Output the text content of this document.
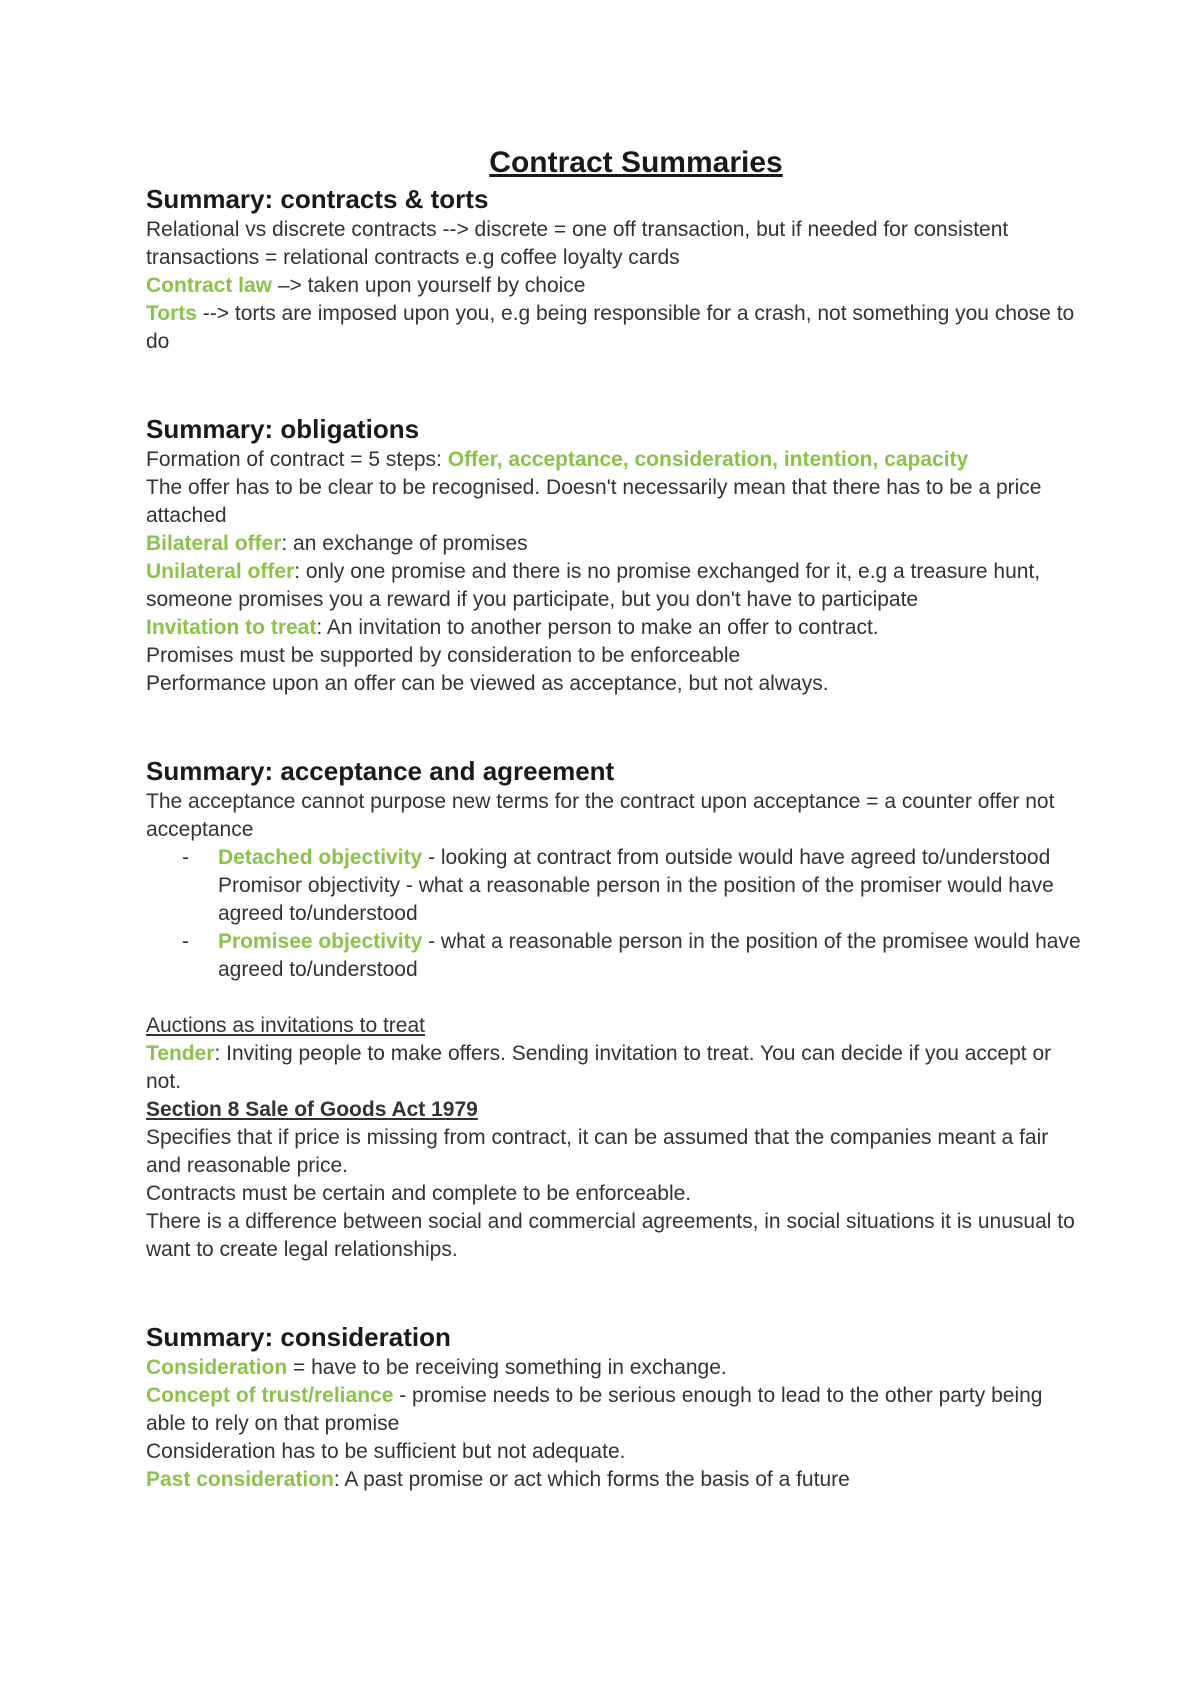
Contract Summaries
Summary: contracts & torts

Relational vs discrete contracts --> discrete = one off transaction, but if needed for consistent transactions = relational contracts e.g coffee loyalty cards

Contract law –> taken upon yourself by choice

Torts --> torts are imposed upon you, e.g being responsible for a crash, not something you chose to do

Summary: obligations

Formation of contract = 5 steps: Offer, acceptance, consideration, intention, capacity

The offer has to be clear to be recognised. Doesn't necessarily mean that there has to be a price attached

Bilateral offer: an exchange of promises

Unilateral offer: only one promise and there is no promise exchanged for it, e.g a treasure hunt, someone promises you a reward if you participate, but you don't have to participate

Invitation to treat: An invitation to another person to make an offer to contract.

Promises must be supported by consideration to be enforceable

Performance upon an offer can be viewed as acceptance, but not always.

Summary: acceptance and agreement

The acceptance cannot purpose new terms for the contract upon acceptance = a counter offer not acceptance

- Detached objectivity - looking at contract from outside would have agreed to/understood Promisor objectivity - what a reasonable person in the position of the promiser would have agreed to/understood
- Promisee objectivity - what a reasonable person in the position of the promisee would have agreed to/understood

Auctions as invitations to treat

Tender: Inviting people to make offers. Sending invitation to treat. You can decide if you accept or not.

Section 8 Sale of Goods Act 1979

Specifies that if price is missing from contract, it can be assumed that the companies meant a fair and reasonable price.

Contracts must be certain and complete to be enforceable.

There is a difference between social and commercial agreements, in social situations it is unusual to want to create legal relationships.

Summary: consideration

Consideration = have to be receiving something in exchange.

Concept of trust/reliance - promise needs to be serious enough to lead to the other party being able to rely on that promise

Consideration has to be sufficient but not adequate.

Past consideration: A past promise or act which forms the basis of a future
